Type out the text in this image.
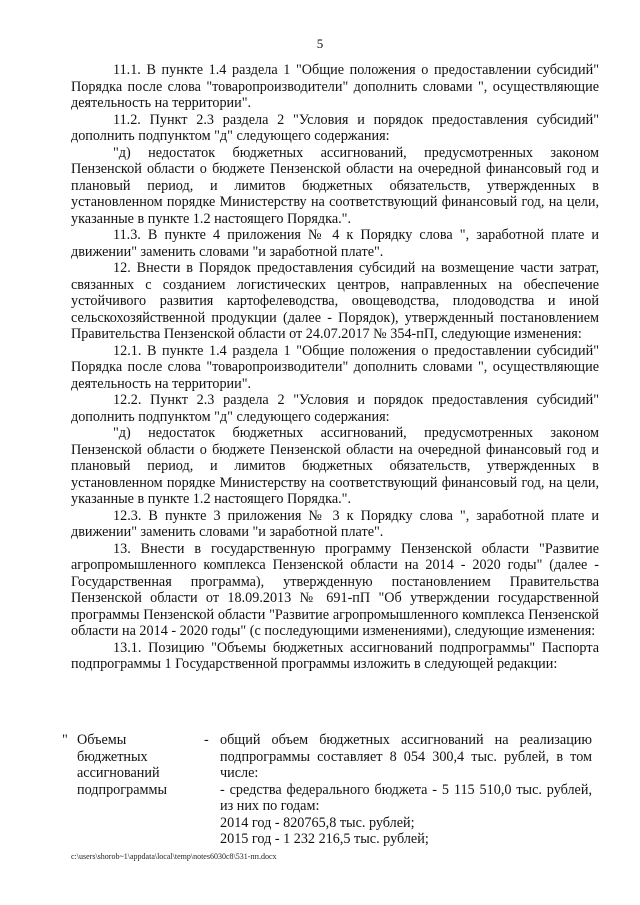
5

11.1. В пункте 1.4 раздела 1 "Общие положения о предоставлении субсидий" Порядка после слова "товаропроизводители" дополнить словами ", осуществляющие деятельность на территории".

11.2. Пункт 2.3 раздела 2 "Условия и порядок предоставления субсидий" дополнить подпунктом "д" следующего содержания:

"д) недостаток бюджетных ассигнований, предусмотренных законом Пензенской области о бюджете Пензенской области на очередной финансовый год и плановый период, и лимитов бюджетных обязательств, утвержденных в установленном порядке Министерству на соответствующий финансовый год, на цели, указанные в пункте 1.2 настоящего Порядка.".

11.3. В пункте 4 приложения № 4 к Порядку слова ", заработной плате и движении" заменить словами "и заработной плате".

12. Внести в Порядок предоставления субсидий на возмещение части затрат, связанных с созданием логистических центров, направленных на обеспечение устойчивого развития картофелеводства, овощеводства, плодоводства и иной сельскохозяйственной продукции (далее - Порядок), утвержденный постановлением Правительства Пензенской области от 24.07.2017 № 354-пП, следующие изменения:

12.1. В пункте 1.4 раздела 1 "Общие положения о предоставлении субсидий" Порядка после слова "товаропроизводители" дополнить словами ", осуществляющие деятельность на территории".

12.2. Пункт 2.3 раздела 2 "Условия и порядок предоставления субсидий" дополнить подпунктом "д" следующего содержания:

"д) недостаток бюджетных ассигнований, предусмотренных законом Пензенской области о бюджете Пензенской области на очередной финансовый год и плановый период, и лимитов бюджетных обязательств, утвержденных в установленном порядке Министерству на соответствующий финансовый год, на цели, указанные в пункте 1.2 настоящего Порядка.".

12.3. В пункте 3 приложения № 3 к Порядку слова ", заработной плате и движении" заменить словами "и заработной плате".

13. Внести в государственную программу Пензенской области "Развитие агропромышленного комплекса Пензенской области на 2014 - 2020 годы" (далее - Государственная программа), утвержденную постановлением Правительства Пензенской области от 18.09.2013 № 691-пП "Об утверждении государственной программы Пензенской области "Развитие агропромышленного комплекса Пензенской области на 2014 - 2020 годы" (с последующими изменениями), следующие изменения:

13.1. Позицию "Объемы бюджетных ассигнований подпрограммы" Паспорта подпрограммы 1 Государственной программы изложить в следующей редакции:

" Объемы
бюджетных
ассигнований
подпрограммы
- общий объем бюджетных ассигнований на реализацию подпрограммы составляет 8 054 300,4 тыс. рублей, в том числе:

- средства федерального бюджета - 5 115 510,0 тыс. рублей, из них по годам:

2014 год - 820765,8 тыс. рублей;

2015 год - 1 232 216,5 тыс. рублей;

c:\users\shorob~1\appdata\local\temp\notes6030c8\531-пп.docx
